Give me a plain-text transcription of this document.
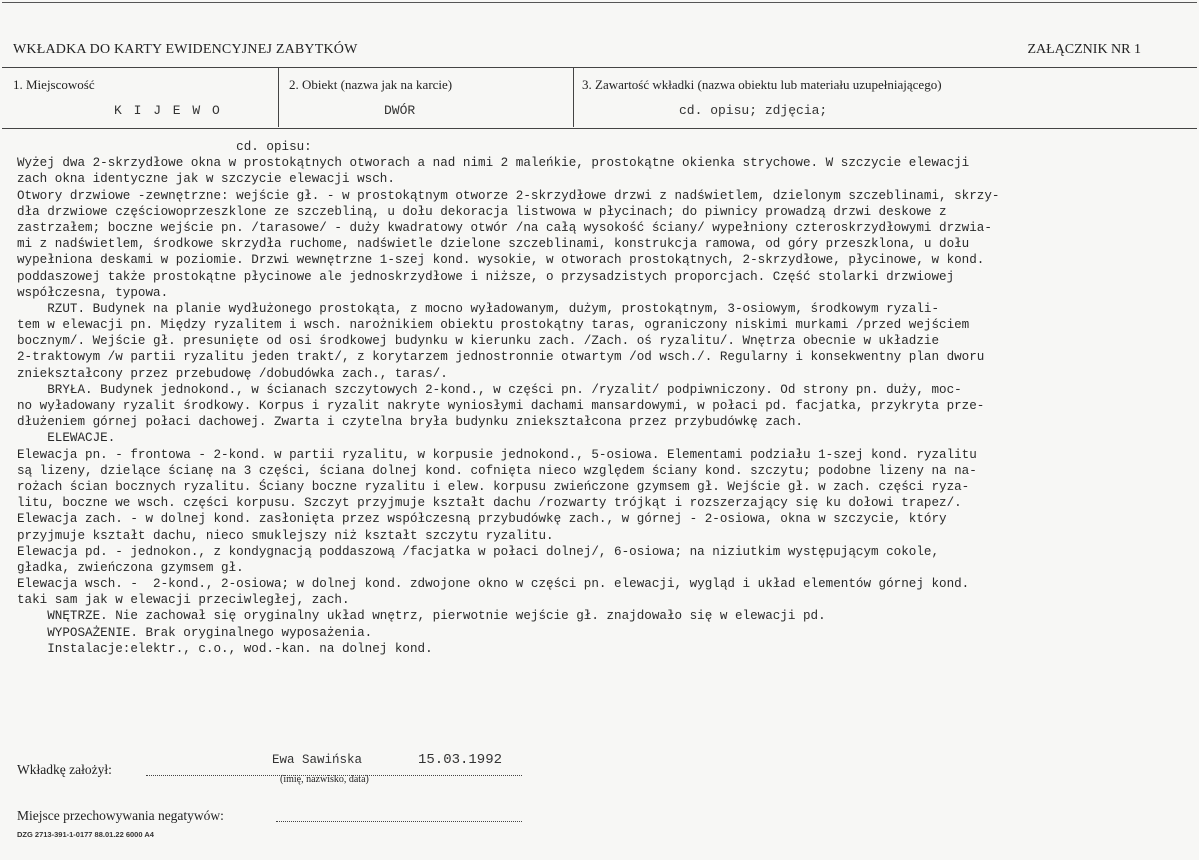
WKŁADKA DO KARTY EWIDENCYJNEJ ZABYTKÓW	ZAŁĄCZNIK NR 1
1. Miejscowość
K I J E W O
2. Obiekt (nazwa jak na karcie)
DWÓR
3. Zawartość wkładki (nazwa obiektu lub materiału uzupełniającego)
cd. opisu; zdjęcia;
cd. opisu:
Wyżej dwa 2-skrzydłowe okna w prostokątnych otworach a nad nimi 2 maleńkie, prostokątne okienka strychowe. W szczycie elewacji
zach okna identyczne jak w szczycie elewacji wsch.
Otwory drzwiowe -zewnętrzne: wejście gł. - w prostokątnym otworze 2-skrzydłowe drzwi z nadświetlem, dzielonym szczeblinami, skrzy-
dła drzwiowe częściowoprzeszklone ze szczebliną, u dołu dekoracja listwowa w płycinach; do piwnicy prowadzą drzwi deskowe z
zastrzałem; boczne wejście pn. /tarasowe/ - duży kwadratowy otwór /na całą wysokość ściany/ wypełniony czteroskrzydłowymi drzwia-
mi z nadświetlem, środkowe skrzydła ruchome, nadświetle dzielone szczeblinami, konstrukcja ramowa, od góry przeszklona, u dołu
wypełniona deskami w poziomie. Drzwi wewnętrzne 1-szej kond. wysokie, w otworach prostokątnych, 2-skrzydłowe, płycinowe, w kond.
poddaszowej także prostokątne płycinowe ale jednoskrzydłowe i niższe, o przysadzistych proporcjach. Część stolarki drzwiowej
współczesna, typowa.
RZUT. Budynek na planie wydłużonego prostokąta, z mocno wyładowanym, dużym, prostokątnym, 3-osiowym, środkowym ryzali-
tem w elewacji pn. Między ryzalitem i wsch. narożnikiem obiektu prostokątny taras, ograniczony niskimi murkami /przed wejściem
bocznym/. Wejście gł. presunięte od osi środkowej budynku w kierunku zach. /Zach. oś ryzalitu/. Wnętrza obecnie w układzie
2-traktowym /w partii ryzalitu jeden trakt/, z korytarzem jednostronnie otwartym /od wsch./. Regularny i konsekwentny plan dworu
zniekształcony przez przebudowę /dobudówka zach., taras/.
BRYŁA. Budynek jednokond., w ścianach szczytowych 2-kond., w części pn. /ryzalit/ podpiwniczony. Od strony pn. duży, moc-
no wyładowany ryzalit środkowy. Korpus i ryzalit nakryte wyniosłymi dachami mansardowymi, w połaci pd. facjatka, przykryta prze-
dłużeniem górnej połaci dachowej. Zwarta i czytelna bryła budynku zniekształcona przez przybudówkę zach.
ELEWACJE.
Elewacja pn. - frontowa - 2-kond. w partii ryzalitu, w korpusie jednokond., 5-osiowa. Elementami podziału 1-szej kond. ryzalitu
są lizeny, dzielące ścianę na 3 części, ściana dolnej kond. cofnięta nieco względem ściany kond. szczytu; podobne lizeny na na-
rożach ścian bocznych ryzalitu. Ściany boczne ryzalitu i elew. korpusu zwieńczone gzymsem gł. Wejście gł. w zach. części ryza-
litu, boczne we wsch. części korpusu. Szczyt przyjmuje kształt dachu /rozwarty trójkąt i rozszerzający się ku dołowi trapez/.
Elewacja zach. - w dolnej kond. zasłonięta przez współczesną przybudówkę zach., w górnej - 2-osiowa, okna w szczycie, który
przyjmuje kształt dachu, nieco smuklejszy niż kształt szczytu ryzalitu.
Elewacja pd. - jednokon., z kondygnacją poddaszową /facjatka w połaci dolnej/, 6-osiowa; na niziutkim występującym cokole,
gładka, zwieńczona gzymsem gł.
Elewacja wsch. -  2-kond., 2-osiowa; w dolnej kond. zdwojone okno w części pn. elewacji, wygląd i układ elementów górnej kond.
taki sam jak w elewacji przeciwległej, zach.
WNĘTRZE. Nie zachował się oryginalny układ wnętrz, pierwotnie wejście gł. znajdowało się w elewacji pd.
WYPOSAŻENIE. Brak oryginalnego wyposażenia.
Instalacje:elektr., c.o., wod.-kan. na dolnej kond.
Wkładkę założył:
Ewa Sawińska	15.03.1992
(imię, nazwisko, data)
Miejsce przechowywania negatywów:
DZG 2713-391-1-0177 88.01.22 6000 A4
